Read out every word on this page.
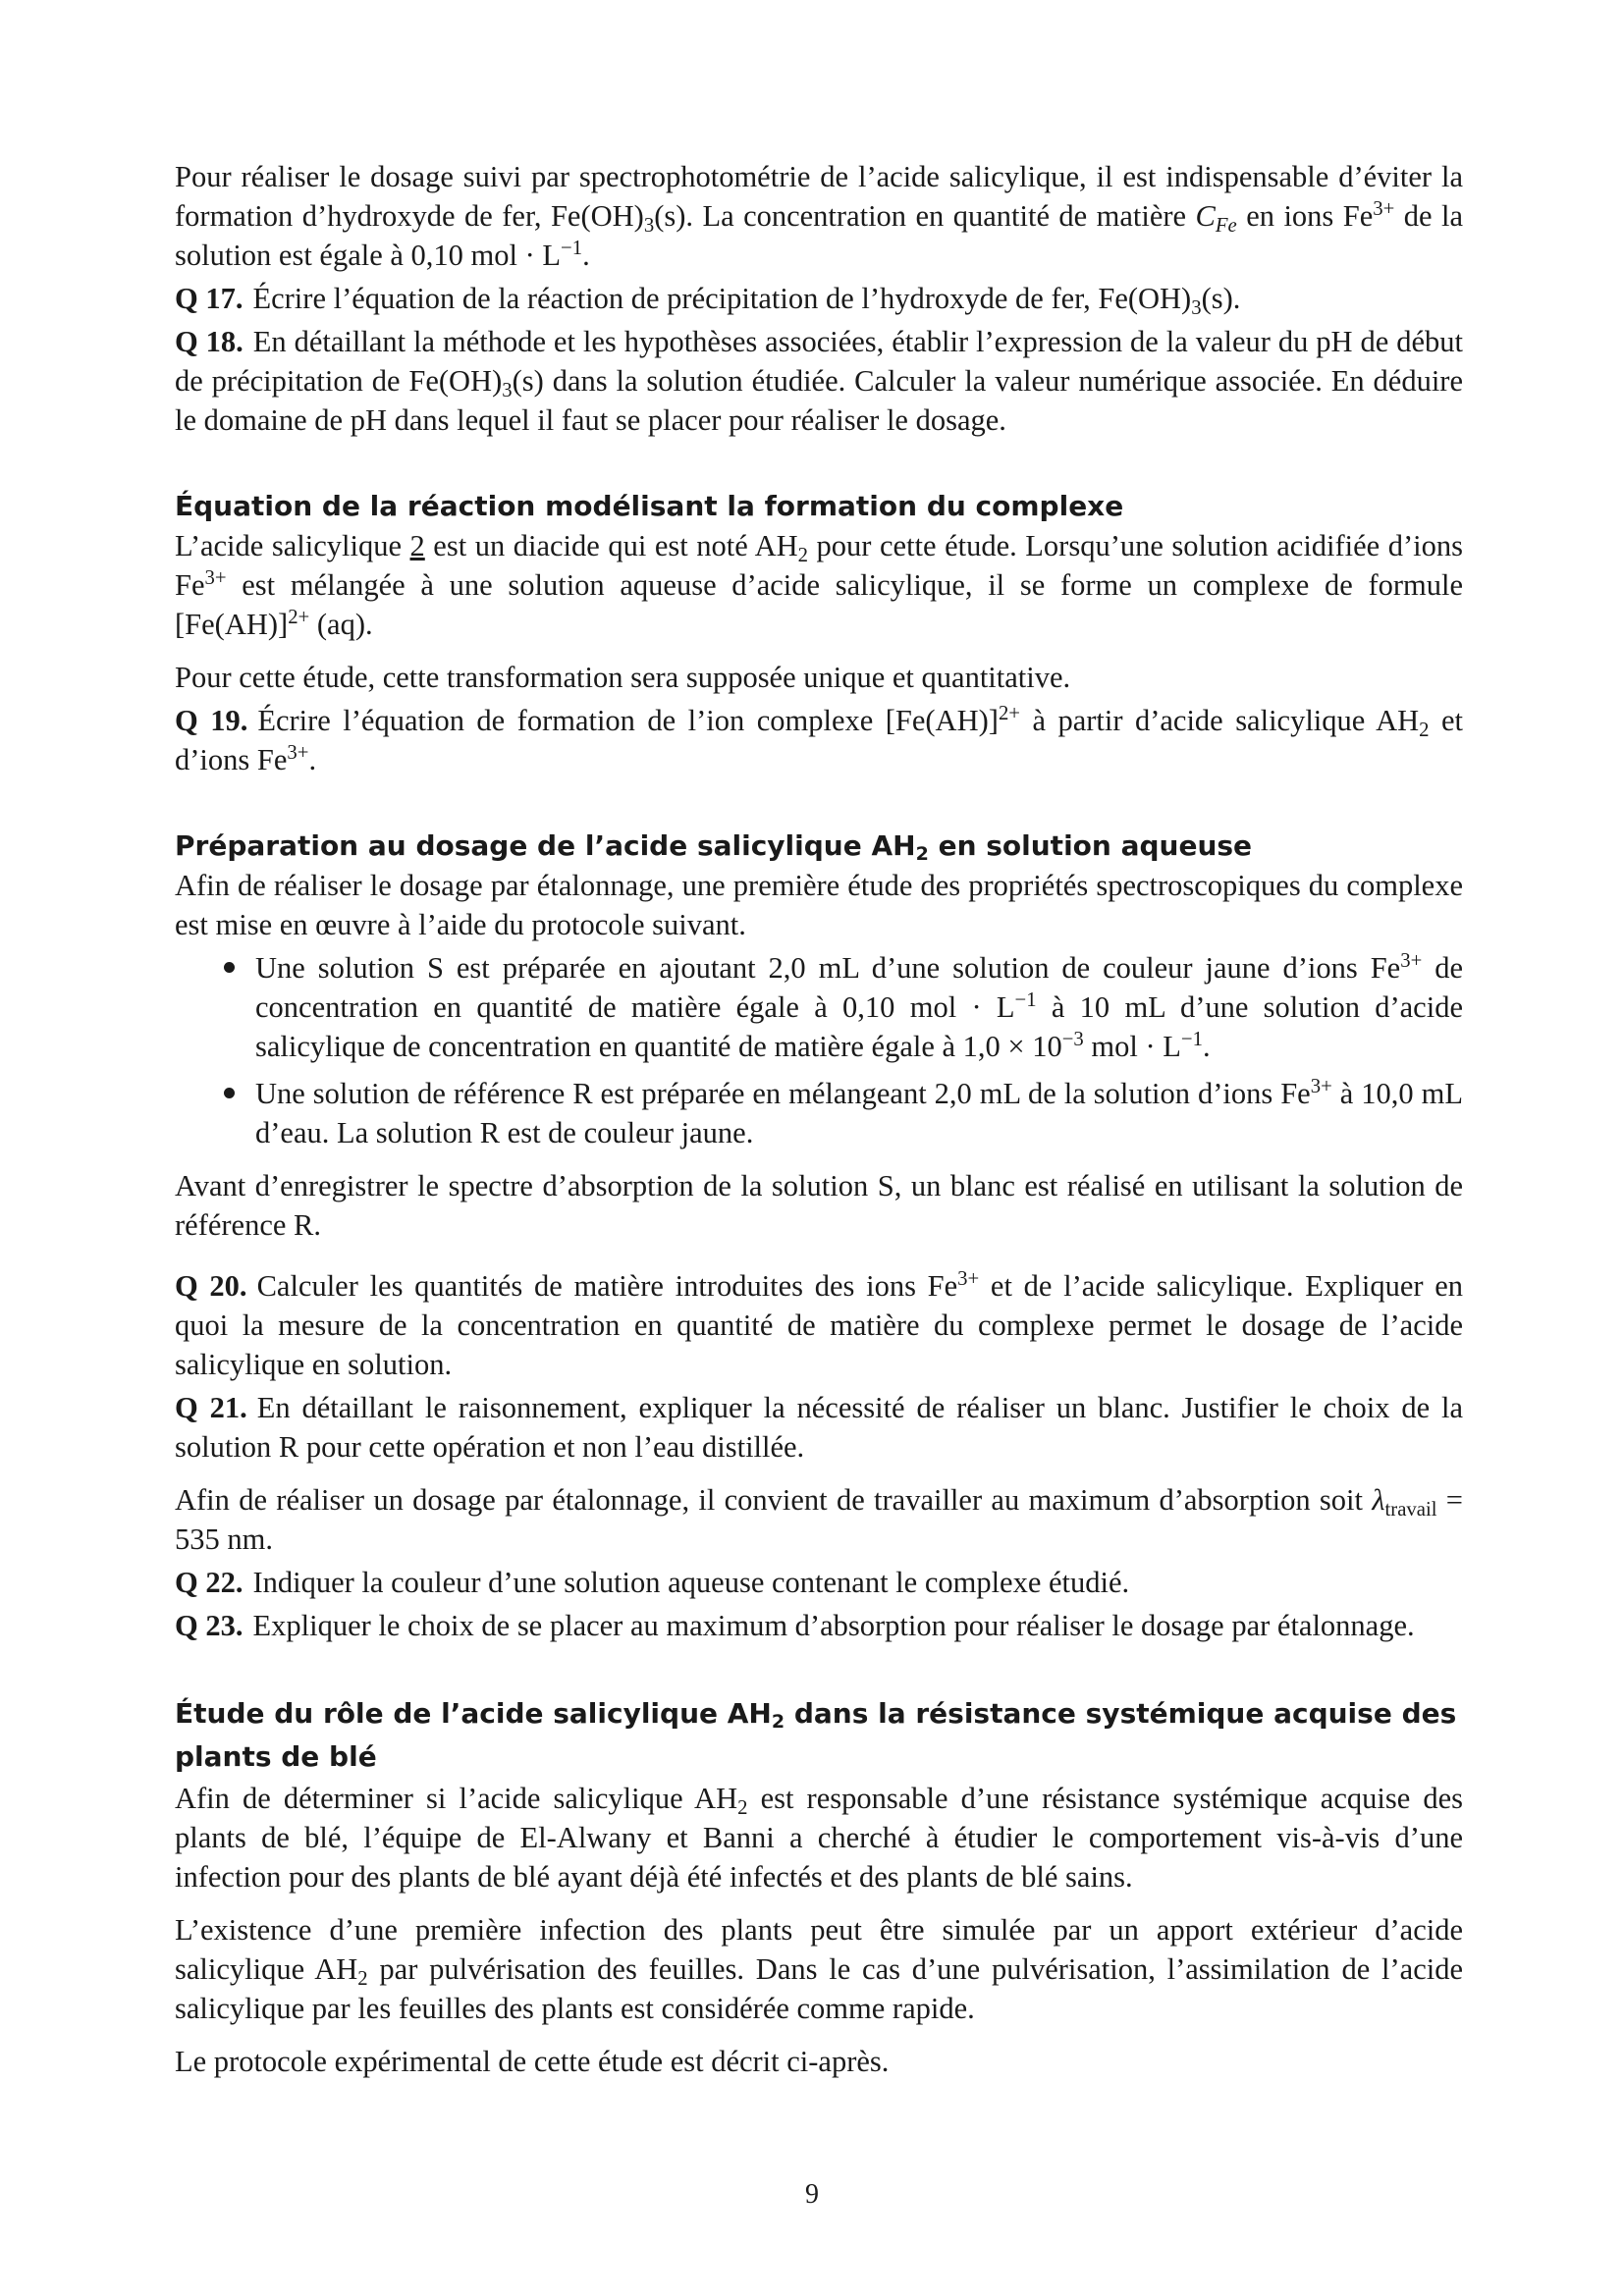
Pour réaliser le dosage suivi par spectrophotométrie de l’acide salicylique, il est indispensable d’éviter la formation d’hydroxyde de fer, $Fe(OH)_3(s)$. La concentration en quantité de matière $C_{Fe}$ en ions $Fe^{3+}$ de la solution est égale à 0,10 mol · $L^{-1}$.

Q 17. Écrire l’équation de la réaction de précipitation de l’hydroxyde de fer, $Fe(OH)_3(s)$.

Q 18. En détaillant la méthode et les hypothèses associées, établir l’expression de la valeur du pH de début de précipitation de $Fe(OH)_3(s)$ dans la solution étudiée. Calculer la valeur numérique associée. En déduire le domaine de pH dans lequel il faut se placer pour réaliser le dosage.

Équation de la réaction modélisant la formation du complexe

L’acide salicylique 2 est un diacide qui est noté $AH_2$ pour cette étude. Lorsqu’une solution acidifiée d’ions $Fe^{3+}$ est mélangée à une solution aqueuse d’acide salicylique, il se forme un complexe de formule $[Fe(AH)]^{2+}$ (aq).

Pour cette étude, cette transformation sera supposée unique et quantitative.

Q 19. Écrire l’équation de formation de l’ion complexe $[Fe(AH)]^{2+}$ à partir d’acide salicylique $AH_2$ et d’ions $Fe^{3+}$.

Préparation au dosage de l’acide salicylique $AH_2$ en solution aqueuse

Afin de réaliser le dosage par étalonnage, une première étude des propriétés spectroscopiques du complexe est mise en œuvre à l’aide du protocole suivant.

Une solution S est préparée en ajoutant 2,0 mL d’une solution de couleur jaune d’ions $Fe^{3+}$ de concentration en quantité de matière égale à 0,10 mol · $L^{-1}$ à 10 mL d’une solution d’acide salicylique de concentration en quantité de matière égale à $1,0 \times 10^{-3}$ mol · $L^{-1}$.
Une solution de référence R est préparée en mélangeant 2,0 mL de la solution d’ions $Fe^{3+}$ à 10,0 mL d’eau. La solution R est de couleur jaune.

Avant d’enregistrer le spectre d’absorption de la solution S, un blanc est réalisé en utilisant la solution de référence R.

Q 20. Calculer les quantités de matière introduites des ions $Fe^{3+}$ et de l’acide salicylique. Expliquer en quoi la mesure de la concentration en quantité de matière du complexe permet le dosage de l’acide salicylique en solution.

Q 21. En détaillant le raisonnement, expliquer la nécessité de réaliser un blanc. Justifier le choix de la solution R pour cette opération et non l’eau distillée.

Afin de réaliser un dosage par étalonnage, il convient de travailler au maximum d’absorption soit $\lambda_{travail} = 535$ nm.

Q 22. Indiquer la couleur d’une solution aqueuse contenant le complexe étudié.

Q 23. Expliquer le choix de se placer au maximum d’absorption pour réaliser le dosage par étalonnage.

Étude du rôle de l’acide salicylique $AH_2$ dans la résistance systémique acquise des plants de blé

Afin de déterminer si l’acide salicylique $AH_2$ est responsable d’une résistance systémique acquise des plants de blé, l’équipe de El-Alwany et Banni a cherché à étudier le comportement vis-à-vis d’une infection pour des plants de blé ayant déjà été infectés et des plants de blé sains.

L’existence d’une première infection des plants peut être simulée par un apport extérieur d’acide salicylique $AH_2$ par pulvérisation des feuilles. Dans le cas d’une pulvérisation, l’assimilation de l’acide salicylique par les feuilles des plants est considérée comme rapide.

Le protocole expérimental de cette étude est décrit ci-après.

9
